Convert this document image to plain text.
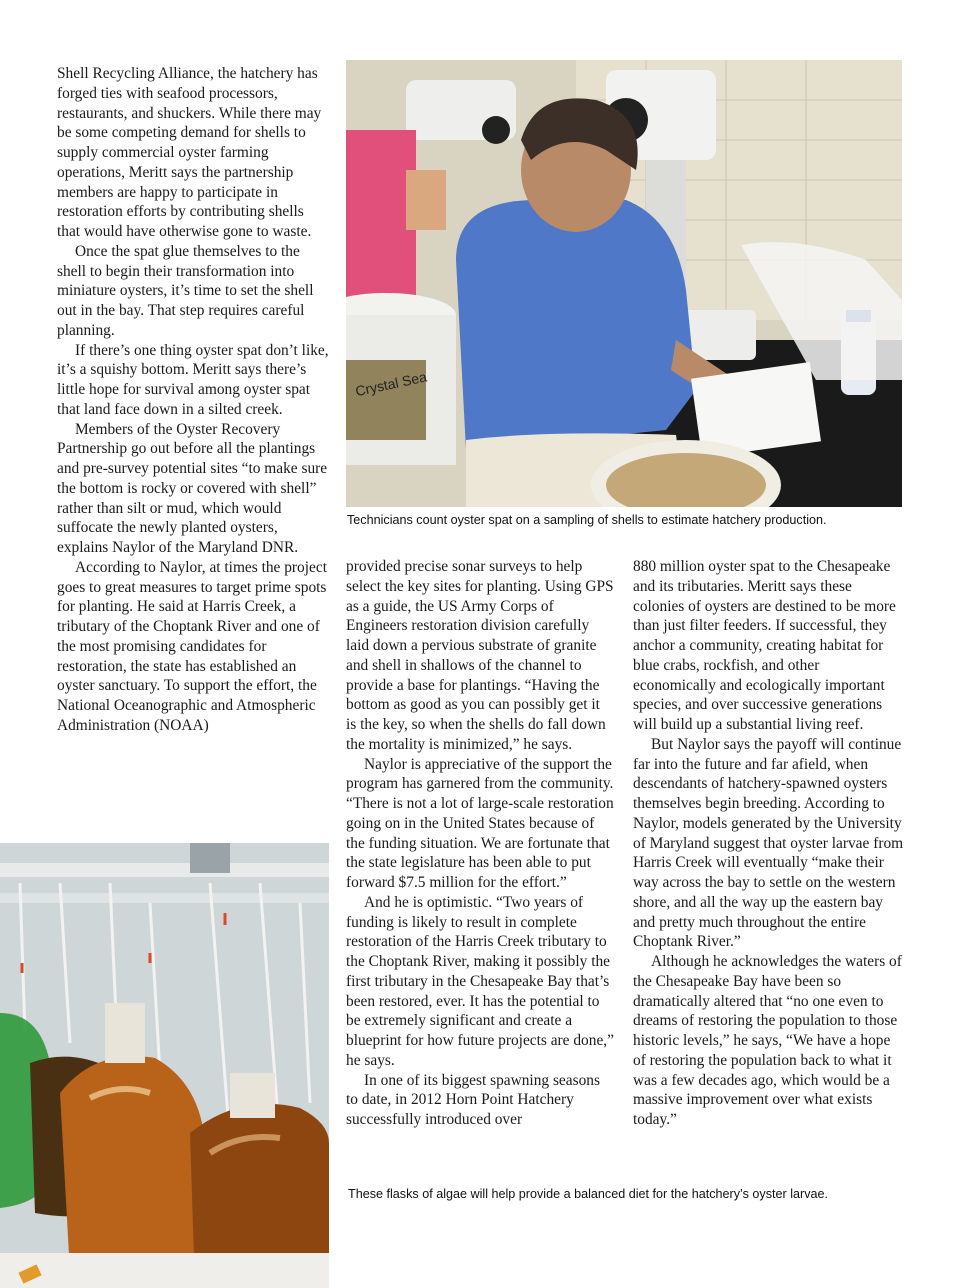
Shell Recycling Alliance, the hatchery has forged ties with seafood processors, restaurants, and shuckers. While there may be some competing demand for shells to supply commercial oyster farming operations, Meritt says the partnership members are happy to participate in restoration efforts by contributing shells that would have otherwise gone to waste.

Once the spat glue themselves to the shell to begin their transformation into miniature oysters, it’s time to set the shell out in the bay. That step requires careful planning.

If there’s one thing oyster spat don’t like, it’s a squishy bottom. Meritt says there’s little hope for survival among oyster spat that land face down in a silted creek.

Members of the Oyster Recovery Partnership go out before all the plantings and pre-survey potential sites “to make sure the bottom is rocky or covered with shell” rather than silt or mud, which would suffocate the newly planted oysters, explains Naylor of the Maryland DNR.

According to Naylor, at times the project goes to great measures to target prime spots for planting. He said at Harris Creek, a tributary of the Choptank River and one of the most promising candidates for restoration, the state has established an oyster sanctuary. To support the effort, the National Oceanographic and Atmospheric Administration (NOAA)

Crystal Sea
Technicians count oyster spat on a sampling of shells to estimate hatchery production.

provided precise sonar surveys to help select the key sites for planting. Using GPS as a guide, the US Army Corps of Engineers restoration division carefully laid down a pervious substrate of granite and shell in shallows of the channel to provide a base for plantings. “Having the bottom as good as you can possibly get it is the key, so when the shells do fall down the mortality is minimized,” he says.

Naylor is appreciative of the support the program has garnered from the community. “There is not a lot of large-scale restoration going on in the United States because of the funding situation. We are fortunate that the state legislature has been able to put forward $7.5 million for the effort.”

And he is optimistic. “Two years of funding is likely to result in complete restoration of the Harris Creek tributary to the Choptank River, making it possibly the first tributary in the Chesapeake Bay that’s been restored, ever. It has the potential to be extremely significant and create a blueprint for how future projects are done,” he says.

In one of its biggest spawning seasons to date, in 2012 Horn Point Hatchery successfully introduced over

880 million oyster spat to the Chesapeake and its tributaries. Meritt says these colonies of oysters are destined to be more than just filter feeders. If successful, they anchor a community, creating habitat for blue crabs, rockfish, and other economically and ecologically important species, and over successive generations will build up a substantial living reef.

But Naylor says the payoff will continue far into the future and far afield, when descendants of hatchery-spawned oysters themselves begin breeding. According to Naylor, models generated by the University of Maryland suggest that oyster larvae from Harris Creek will eventually “make their way across the bay to settle on the western shore, and all the way up the eastern bay and pretty much throughout the entire Choptank River.”

Although he acknowledges the waters of the Chesapeake Bay have been so dramatically altered that “no one even to dreams of restoring the population to those historic levels,” he says, “We have a hope of restoring the population back to what it was a few decades ago, which would be a massive improvement over what exists today.”

These flasks of algae will help provide a balanced diet for the hatchery’s oyster larvae.
